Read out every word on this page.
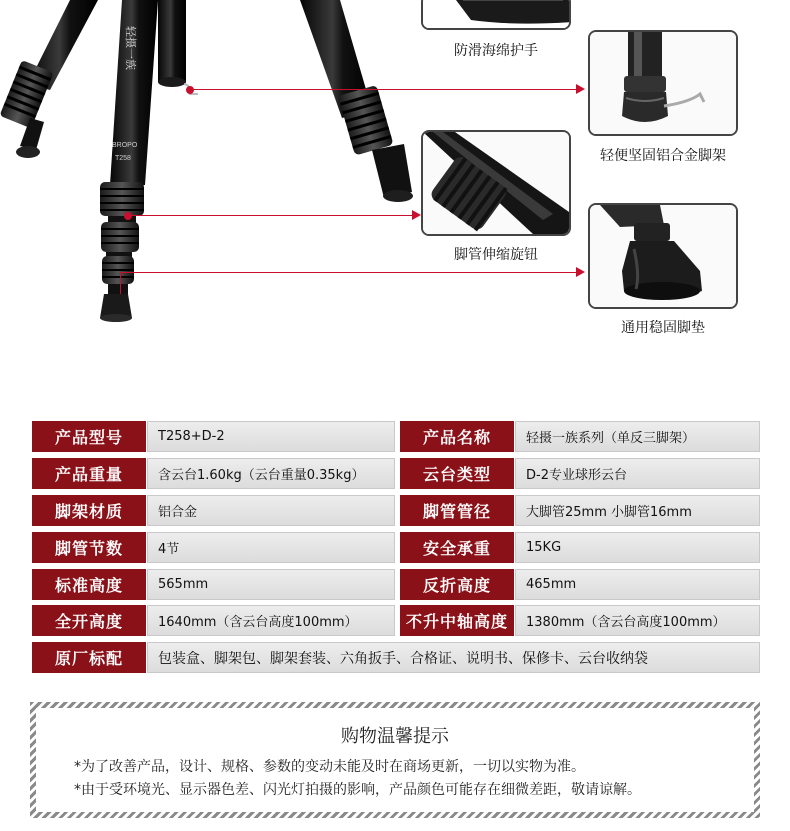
轻摄一族
BROPO
T258
防滑海绵护手
轻便坚固铝合金脚架
脚管伸缩旋钮
通用稳固脚垫
产品型号	T258+D-2	产品名称	轻摄一族系列（单反三脚架）
产品重量	含云台1.60kg（云台重量0.35kg）	云台类型	D-2专业球形云台
脚架材质	铝合金	脚管管径	大脚管25mm 小脚管16mm
脚管节数	4节	安全承重	15KG
标准高度	565mm	反折高度	465mm
全开高度	1640mm（含云台高度100mm）	不升中轴高度	1380mm（含云台高度100mm）
原厂标配	包装盒、脚架包、脚架套装、六角扳手、合格证、说明书、保修卡、云台收纳袋
购物温馨提示
*为了改善产品，设计、规格、参数的变动未能及时在商场更新，一切以实物为准。
*由于受环境光、显示器色差、闪光灯拍摄的影响，产品颜色可能存在细微差距，敬请谅解。
